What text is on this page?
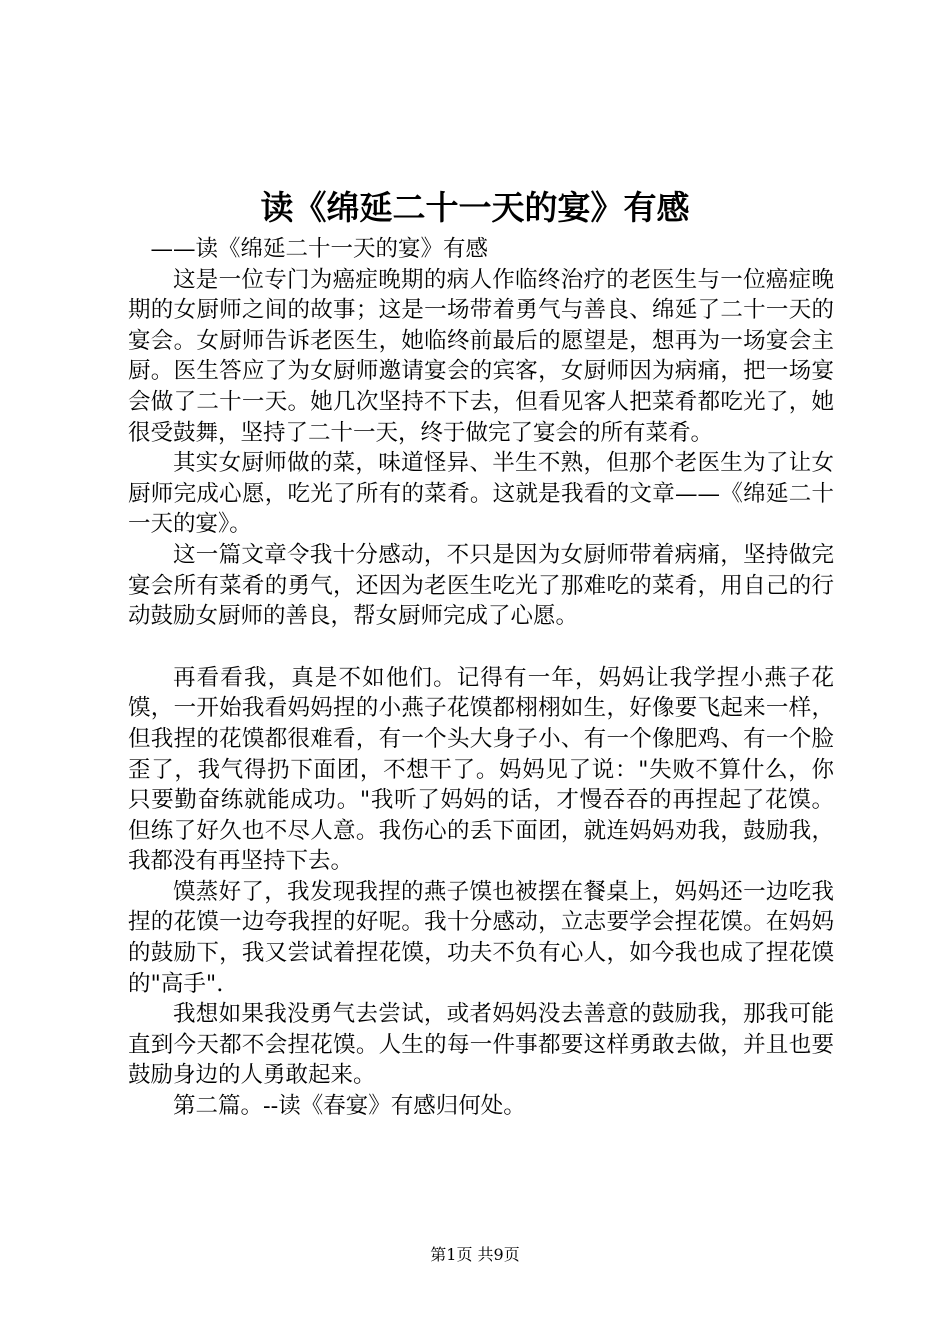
读《绵延二十一天的宴》有感

——读《绵延二十一天的宴》有感

这是一位专门为癌症晚期的病人作临终治疗的老医生与一位癌症晚期的女厨师之间的故事；这是一场带着勇气与善良、绵延了二十一天的宴会。女厨师告诉老医生，她临终前最后的愿望是，想再为一场宴会主厨。医生答应了为女厨师邀请宴会的宾客，女厨师因为病痛，把一场宴会做了二十一天。她几次坚持不下去，但看见客人把菜肴都吃光了，她很受鼓舞，坚持了二十一天，终于做完了宴会的所有菜肴。

其实女厨师做的菜，味道怪异、半生不熟，但那个老医生为了让女厨师完成心愿，吃光了所有的菜肴。这就是我看的文章——《绵延二十一天的宴》。

这一篇文章令我十分感动，不只是因为女厨师带着病痛，坚持做完宴会所有菜肴的勇气，还因为老医生吃光了那难吃的菜肴，用自己的行动鼓励女厨师的善良，帮女厨师完成了心愿。

再看看我，真是不如他们。记得有一年，妈妈让我学捏小燕子花馍，一开始我看妈妈捏的小燕子花馍都栩栩如生，好像要飞起来一样，但我捏的花馍都很难看，有一个头大身子小、有一个像肥鸡、有一个脸歪了，我气得扔下面团，不想干了。妈妈见了说："失败不算什么，你只要勤奋练就能成功。"我听了妈妈的话，才慢吞吞的再捏起了花馍。但练了好久也不尽人意。我伤心的丢下面团，就连妈妈劝我，鼓励我，我都没有再坚持下去。

馍蒸好了，我发现我捏的燕子馍也被摆在餐桌上，妈妈还一边吃我捏的花馍一边夸我捏的好呢。我十分感动，立志要学会捏花馍。在妈妈的鼓励下，我又尝试着捏花馍，功夫不负有心人，如今我也成了捏花馍的"高手".

我想如果我没勇气去尝试，或者妈妈没去善意的鼓励我，那我可能直到今天都不会捏花馍。人生的每一件事都要这样勇敢去做，并且也要鼓励身边的人勇敢起来。

第二篇。--读《春宴》有感归何处。

第1页 共9页
